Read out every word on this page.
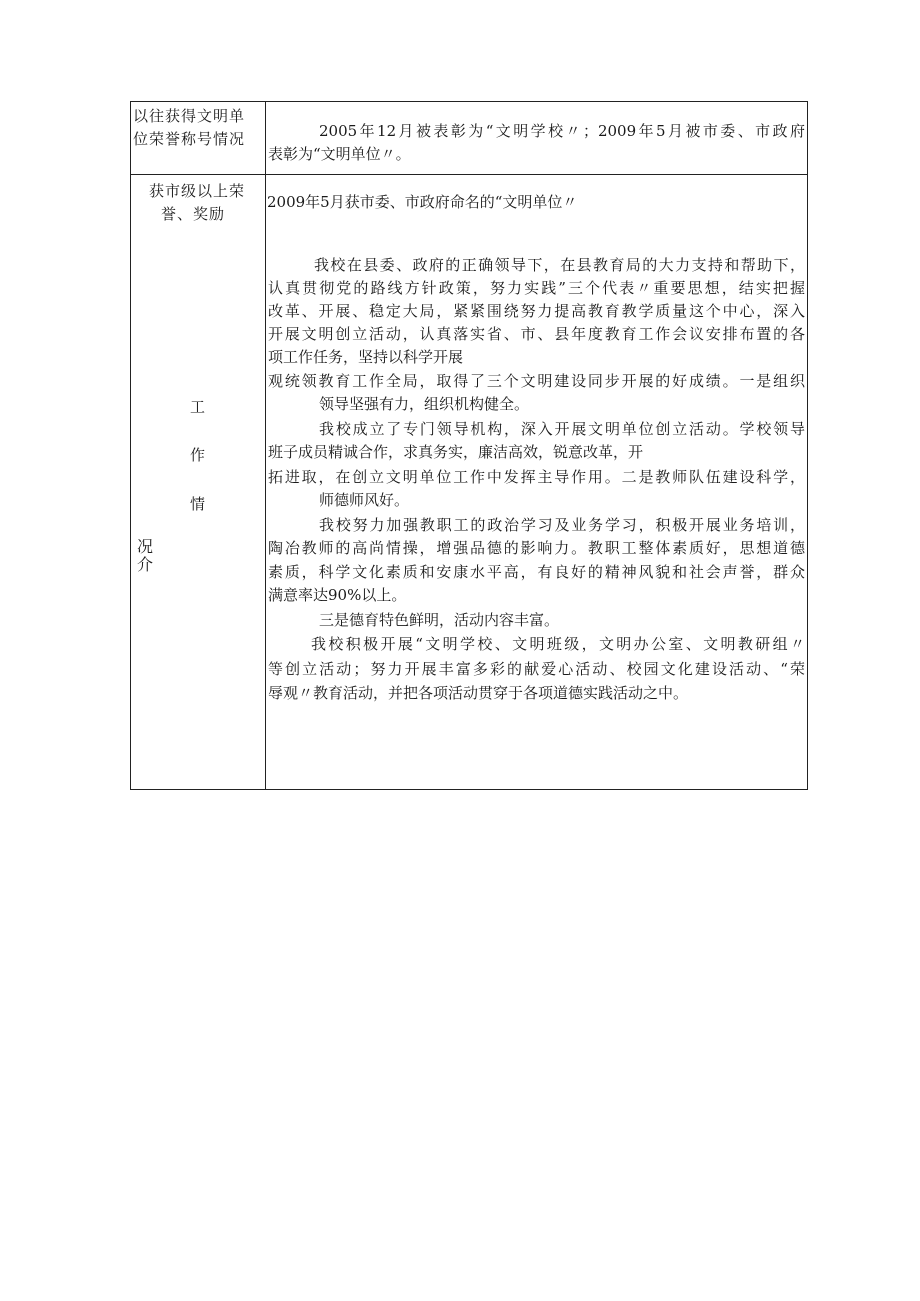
以往获得文明单
位荣誉称号情况	2005年12月被表彰为“文明学校〃；2009年5月被市委、市政府
表彰为“文明单位〃。
获市级以上荣
誉、奖励
工
作
情
况
介
2009年5月获市委、市政府命名的“文明单位〃
我校在县委、政府的正确领导下，在县教育局的大力支持和帮助下，
认真贯彻党的路线方针政策，努力实践”三个代表〃重要思想，结实把握
改革、开展、稳定大局，紧紧围绕努力提高教育教学质量这个中心，深入
开展文明创立活动，认真落实省、市、县年度教育工作会议安排布置的各
项工作任务，坚持以科学开展
观统领教育工作全局，取得了三个文明建设同步开展的好成绩。一是组织
领导坚强有力，组织机构健全。
我校成立了专门领导机构，深入开展文明单位创立活动。学校领导
班子成员精诚合作，求真务实，廉洁高效，锐意改革，开
拓进取，在创立文明单位工作中发挥主导作用。二是教师队伍建设科学，
师德师风好。
我校努力加强教职工的政治学习及业务学习，积极开展业务培训，
陶冶教师的高尚情操，增强品德的影响力。教职工整体素质好，思想道德
素质，科学文化素质和安康水平高，有良好的精神风貌和社会声誉，群众
满意率达90%以上。
三是德育特色鲜明，活动内容丰富。
我校积极开展“文明学校、文明班级，文明办公室、文明教研组〃
等创立活动；努力开展丰富多彩的献爱心活动、校园文化建设活动、“荣
辱观〃教育活动，并把各项活动贯穿于各项道德实践活动之中。
